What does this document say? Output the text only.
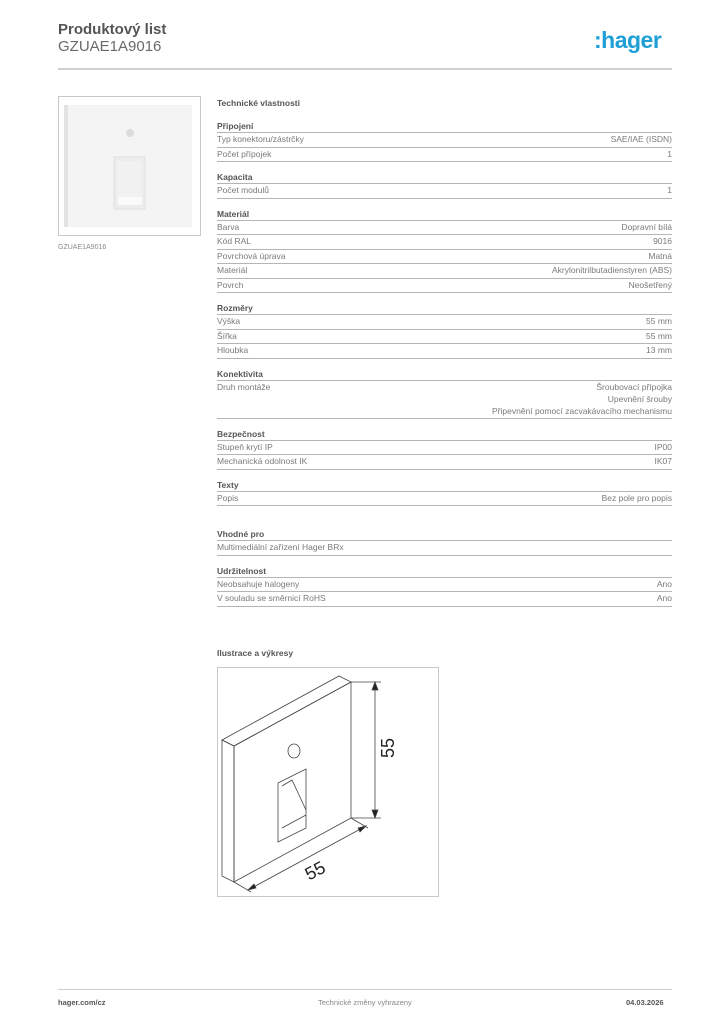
Produktový list
GZUAE1A9016	:hager
GZUAE1A9016
Technické vlastnosti
Připojení
Typ konektoru/zástrčky	SAE/IAE (ISDN)
Počet přípojek	1
Kapacita
Počet modulů	1
Materiál
Barva	Dopravní bílá
Kód RAL	9016
Povrchová úprava	Matná
Materiál	Akrylonitrilbutadienstyren (ABS)
Povrch	Neošetřený
Rozměry
Výška	55 mm
Šířka	55 mm
Hloubka	13 mm
Konektivita
Druh montáže	Šroubovací přípojka
Upevnění šrouby
Připevnění pomocí zacvakávacího mechanismu
Bezpečnost
Stupeň krytí IP	IP00
Mechanická odolnost IK	IK07
Texty
Popis	Bez pole pro popis
Vhodné pro
Multimediální zařízení Hager BRx
Udržitelnost
Neobsahuje halogeny	Ano
V souladu se směrnicí RoHS	Ano
Ilustrace a výkresy
55
55
hager.com/cz	Technické změny vyhrazeny	04.03.2026
